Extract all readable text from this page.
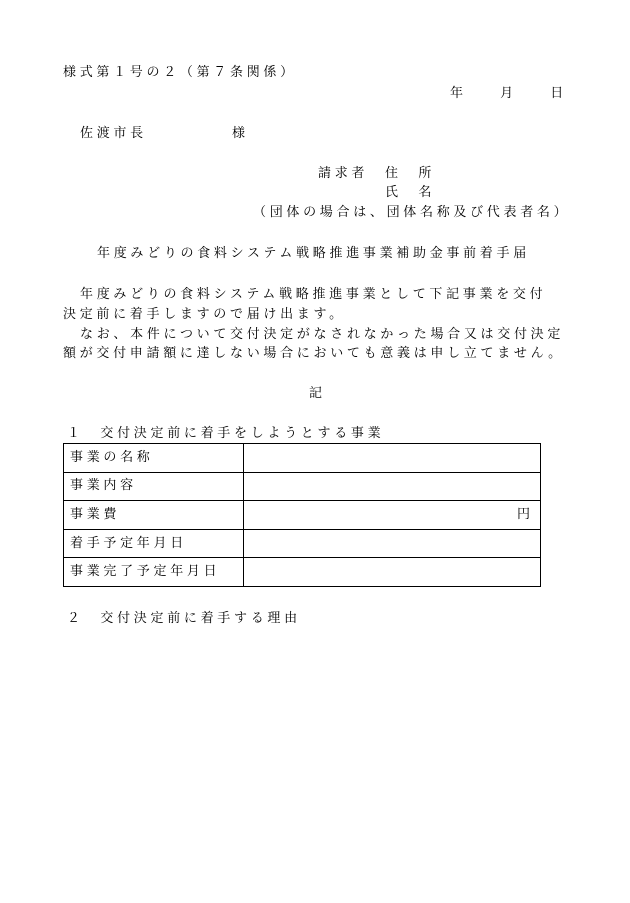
様式第１号の２（第７条関係）
年　　月　　日
佐渡市長	様
請求者 住　所
氏　名
（団体の場合は、団体名称及び代表者名）
年度みどりの食料システム戦略推進事業補助金事前着手届
年度みどりの食料システム戦略推進事業として下記事業を交付
決定前に着手しますので届け出ます。
なお、本件について交付決定がなされなかった場合又は交付決定
額が交付申請額に達しない場合においても意義は申し立てません。
記
１　交付決定前に着手をしようとする事業
事業の名称
事業内容
事業費	円
着手予定年月日
事業完了予定年月日
２　交付決定前に着手する理由
